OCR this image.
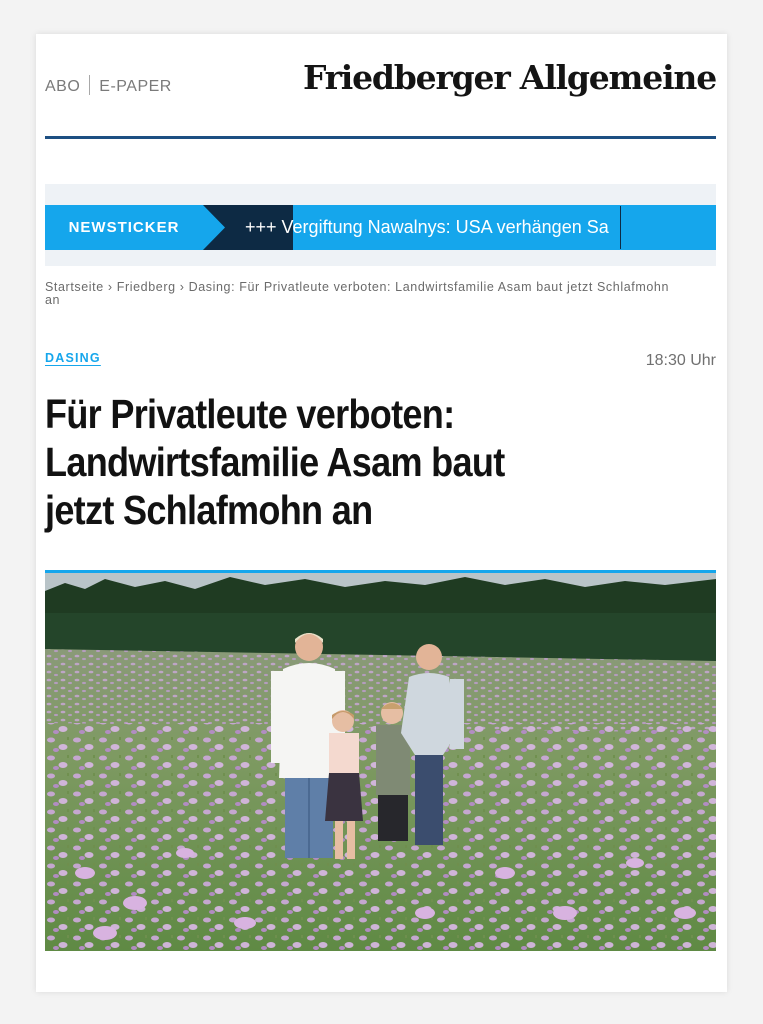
ABO E-PAPER	Friedberger Allgemeine
NEWSTICKER	+++ Vergiftung Nawalnys: USA verhängen Sa
Startseite › Friedberg › Dasing: Für Privatleute verboten: Landwirtsfamilie Asam baut jetzt Schlafmohn an
DASING	18:30 Uhr
Für Privatleute verboten: Landwirtsfamilie Asam baut jetzt Schlafmohn an
